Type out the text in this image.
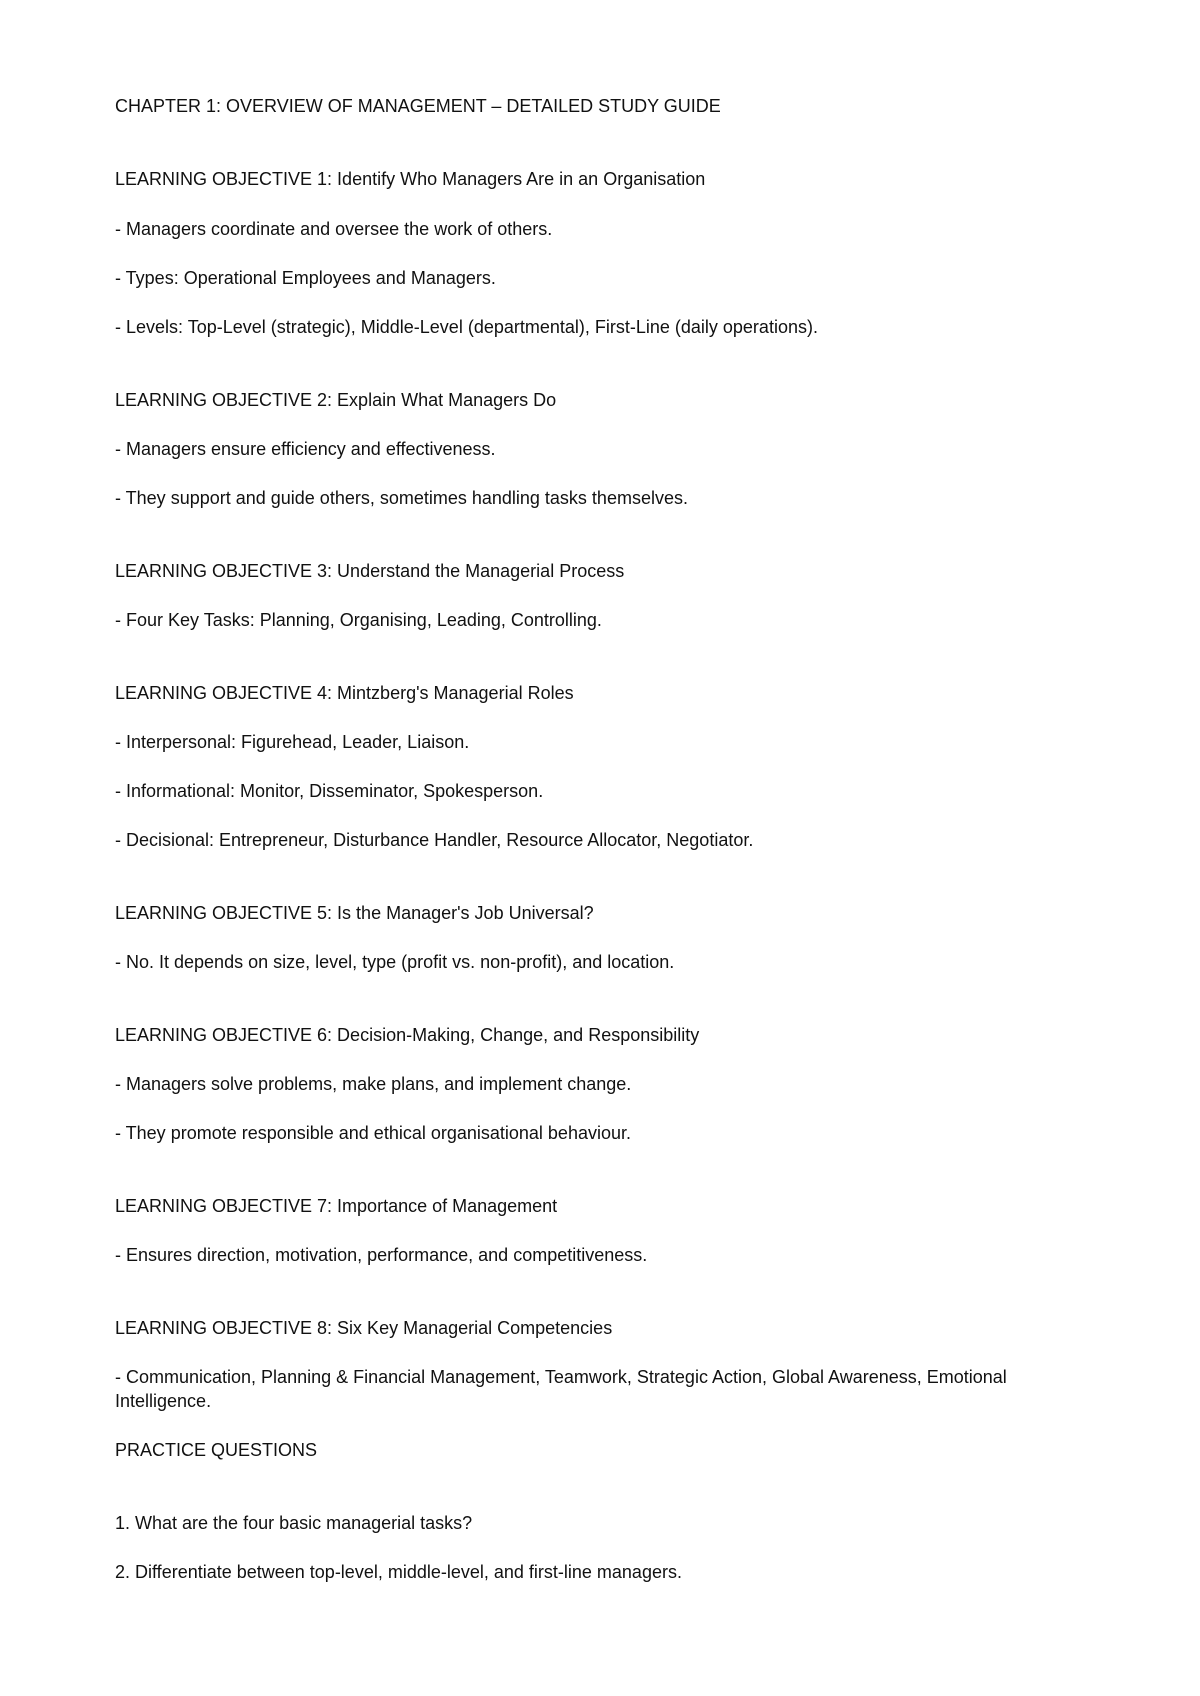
CHAPTER 1: OVERVIEW OF MANAGEMENT – DETAILED STUDY GUIDE
LEARNING OBJECTIVE 1: Identify Who Managers Are in an Organisation
- Managers coordinate and oversee the work of others.
- Types: Operational Employees and Managers.
- Levels: Top-Level (strategic), Middle-Level (departmental), First-Line (daily operations).
LEARNING OBJECTIVE 2: Explain What Managers Do
- Managers ensure efficiency and effectiveness.
- They support and guide others, sometimes handling tasks themselves.
LEARNING OBJECTIVE 3: Understand the Managerial Process
- Four Key Tasks: Planning, Organising, Leading, Controlling.
LEARNING OBJECTIVE 4: Mintzberg's Managerial Roles
- Interpersonal: Figurehead, Leader, Liaison.
- Informational: Monitor, Disseminator, Spokesperson.
- Decisional: Entrepreneur, Disturbance Handler, Resource Allocator, Negotiator.
LEARNING OBJECTIVE 5: Is the Manager's Job Universal?
- No. It depends on size, level, type (profit vs. non-profit), and location.
LEARNING OBJECTIVE 6: Decision-Making, Change, and Responsibility
- Managers solve problems, make plans, and implement change.
- They promote responsible and ethical organisational behaviour.
LEARNING OBJECTIVE 7: Importance of Management
- Ensures direction, motivation, performance, and competitiveness.
LEARNING OBJECTIVE 8: Six Key Managerial Competencies
- Communication, Planning & Financial Management, Teamwork, Strategic Action, Global Awareness, Emotional Intelligence.
PRACTICE QUESTIONS
1. What are the four basic managerial tasks?
2. Differentiate between top-level, middle-level, and first-line managers.
